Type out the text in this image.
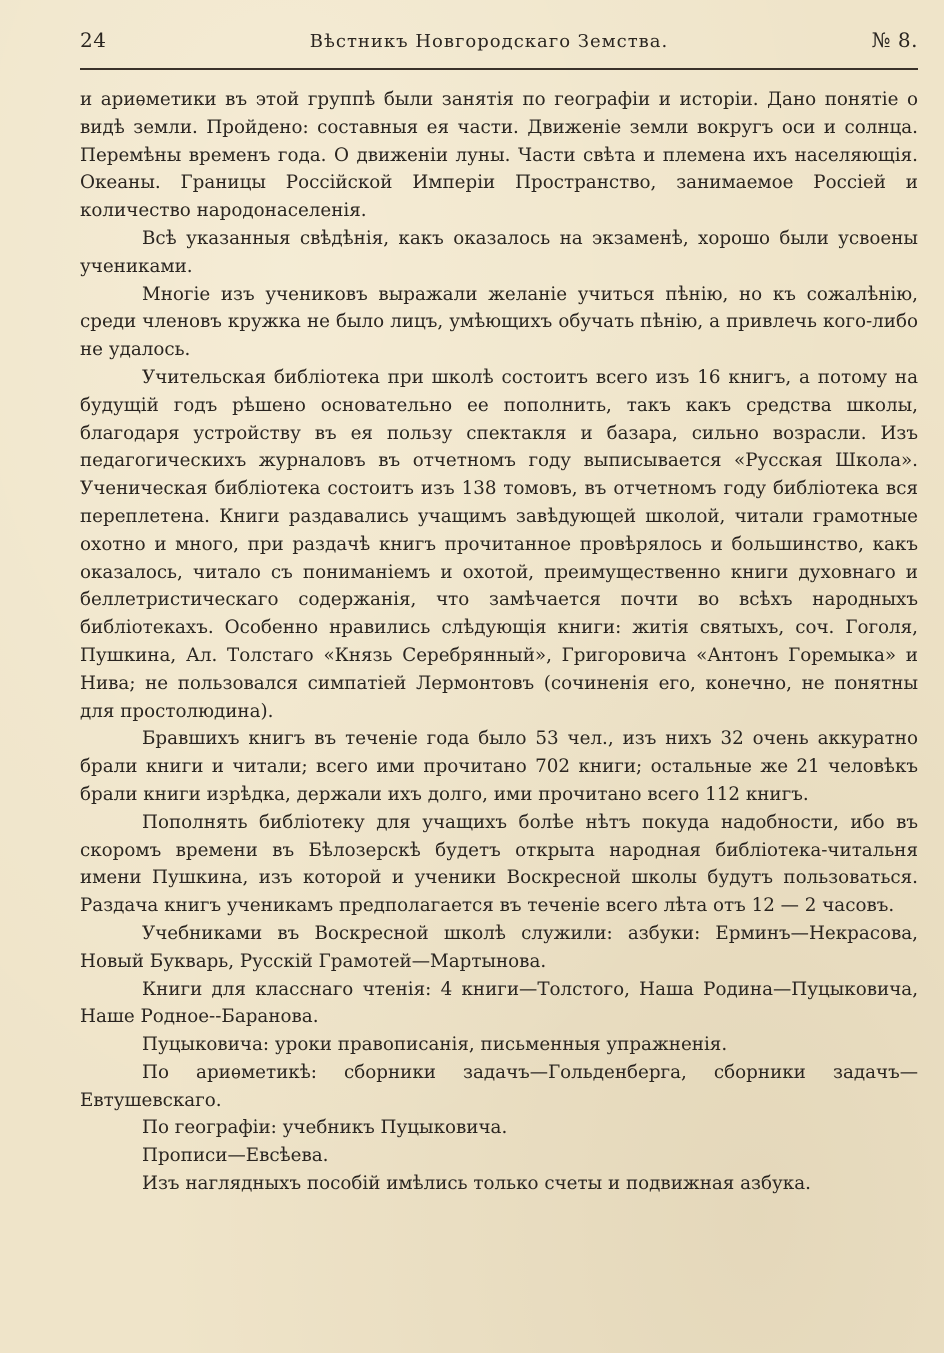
24	Вѣстникъ Новгородскаго Земства.	№ 8.

и ариѳметики въ этой группѣ были занятія по географіи и исторіи. Дано понятіе о видѣ земли. Пройдено: составныя ея части. Движеніе земли вокругъ оси и солнца. Перемѣны временъ года. О движеніи луны. Части свѣта и племена ихъ населяющія. Океаны. Границы Россійской Имперіи Пространство, занимаемое Россіей и количество народонаселенія.

Всѣ указанныя свѣдѣнія, какъ оказалось на экзаменѣ, хорошо были усвоены учениками.

Многіе изъ учениковъ выражали желаніе учиться пѣнію, но къ сожалѣнію, среди членовъ кружка не было лицъ, умѣющихъ обучать пѣнію, а привлечь кого-либо не удалось.

Учительская библіотека при школѣ состоитъ всего изъ 16 книгъ, а потому на будущій годъ рѣшено основательно ее пополнить, такъ какъ средства школы, благодаря устройству въ ея пользу спектакля и базара, сильно возрасли. Изъ педагогическихъ журналовъ въ отчетномъ году выписывается «Русская Школа». Ученическая библіотека состоитъ изъ 138 томовъ, въ отчетномъ году библіотека вся переплетена. Книги раздавались учащимъ завѣдующей школой, читали грамотные охотно и много, при раздачѣ книгъ прочитанное провѣрялось и большинство, какъ оказалось, читало съ пониманіемъ и охотой, преимущественно книги духовнаго и беллетристическаго содержанія, что замѣчается почти во всѣхъ народныхъ библіотекахъ. Особенно нравились слѣдующія книги: житія святыхъ, соч. Гоголя, Пушкина, Ал. Толстаго «Князь Серебрянный», Григоровича «Антонъ Горемыка» и Нива; не пользовался симпатіей Лермонтовъ (сочиненія его, конечно, не понятны для простолюдина).

Бравшихъ книгъ въ теченіе года было 53 чел., изъ нихъ 32 очень аккуратно брали книги и читали; всего ими прочитано 702 книги; остальные же 21 человѣкъ брали книги изрѣдка, держали ихъ долго, ими прочитано всего 112 книгъ.

Пополнять библіотеку для учащихъ болѣе нѣтъ покуда надобности, ибо въ скоромъ времени въ Бѣлозерскѣ будетъ открыта народная библіотека-читальня имени Пушкина, изъ которой и ученики Воскресной школы будутъ пользоваться. Раздача книгъ ученикамъ предполагается въ теченіе всего лѣта отъ 12 — 2 часовъ.

Учебниками въ Воскресной школѣ служили: азбуки: Ерминъ—Некрасова, Новый Букварь, Русскій Грамотей—Мартынова.

Книги для класснаго чтенія: 4 книги—Толстого, Наша Родина—Пуцыковича, Наше Родное--Баранова.

Пуцыковича: уроки правописанія, письменныя упражненія.

По ариѳметикѣ: сборники задачъ—Гольденберга, сборники задачъ—Евтушевскаго.

По географіи: учебникъ Пуцыковича.

Прописи—Евсѣева.

Изъ наглядныхъ пособій имѣлись только счеты и подвижная азбука.
